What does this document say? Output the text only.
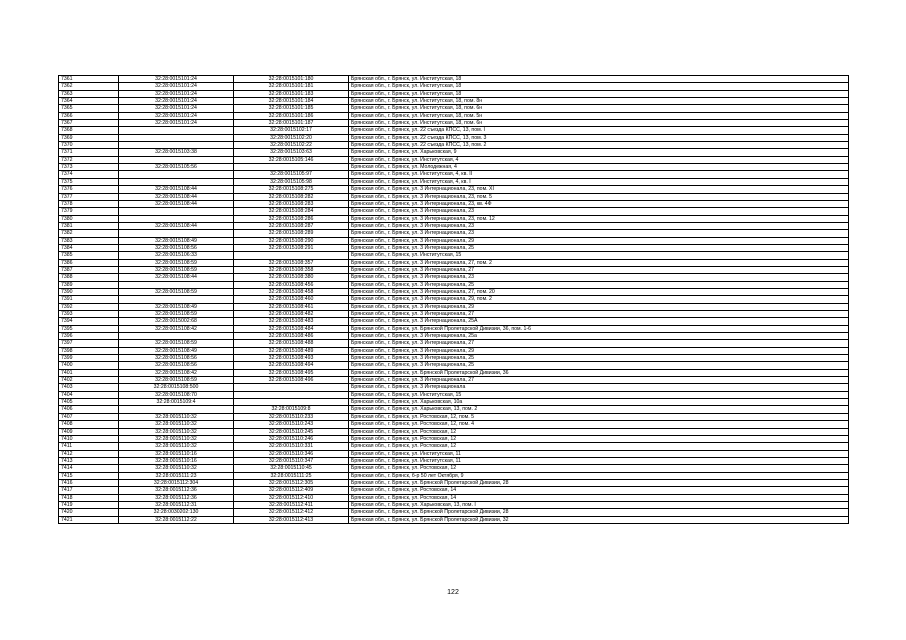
7361	32:28:0015101:24	32:28:0015101:180	Брянская обл., г. Брянск, ул. Институтская, 18
7362	32:28:0015101:24	32:28:0015101:181	Брянская обл., г. Брянск, ул. Институтская, 18
7363	32:28:0015101:24	32:28:0015101:183	Брянская обл., г. Брянск, ул. Институтская, 18
7364	32:28:0015101:24	32:28:0015101:184	Брянская обл., г. Брянск, ул. Институтская, 18, пом. 8н
7365	32:28:0015101:24	32:28:0015101:185	Брянская обл., г. Брянск, ул. Институтская, 18, пом. 6н
7366	32:28:0015101:24	32:28:0015101:186	Брянская обл., г. Брянск, ул. Институтская, 18, пом. 5н
7367	32:28:0015101:24	32:28:0015101:187	Брянская обл., г. Брянск, ул. Институтская, 18, пом. 6н
7368		32:28:0015102:17	Брянская обл., г. Брянск, ул. 22 съезда КПСС, 13, пом. I
7369		32:28:0015102:20	Брянская обл., г. Брянск, ул. 22 съезда КПСС, 13, пом. 3
7370		32:28:0015102:22	Брянская обл., г. Брянск, ул. 22 съезда КПСС, 13, пом. 2
7371	32:28:0015103:38	32:28:0015103:63	Брянская обл., г. Брянск, ул. Харьковская, 9
7372		32:28:0015105:146	Брянская обл., г. Брянск, ул. Институтская, 4
7373	32:28:0015105:56		Брянская обл., г. Брянск, ул. Молодежная, 4
7374		32:28:0015105:97	Брянская обл., г. Брянск, ул. Институтская, 4, кв. II
7375		32:28:0015105:98	Брянская обл., г. Брянск, ул. Институтская, 4, кв. I
7376	32:28:0015108:44	32:28:0015108:275	Брянская обл., г. Брянск, ул. 3 Интернационала, 23, пом. XI
7377	32:28:0015108:44	32:28:0015108:282	Брянская обл., г. Брянск, ул. 3 Интернационала, 23, пом. 5
7378	32:28:0015108:44	32:28:0015108:283	Брянская обл., г. Брянск, ул. 3 Интернационала, 23, кв. 4Ф
7379		32:28:0015108:284	Брянская обл., г. Брянск, ул. 3 Интернационала, 23
7380		32:28:0015108:286	Брянская обл., г. Брянск, ул. 3 Интернационала, 23, пом. 12
7381	32:28:0015108:44	32:28:0015108:287	Брянская обл., г. Брянск, ул. 3 Интернационала, 23
7382		32:28:0015108:289	Брянская обл., г. Брянск, ул. 3 Интернационала, 23
7383	32:28:0015108:49	32:28:0015108:290	Брянская обл., г. Брянск, ул. 3 Интернационала, 29
7384	32:28:0015108:56	32:28:0015108:291	Брянская обл., г. Брянск, ул. 3 Интернационала, 25
7385	32:28:0015106:33		Брянская обл., г. Брянск, ул. Институтская, 15
7386	32:28:0015108:59	32:28:0015108:357	Брянская обл., г. Брянск, ул. 3 Интернационала, 27, пом. 2
7387	32:28:0015108:59	32:28:0015108:358	Брянская обл., г. Брянск, ул. 3 Интернационала, 27
7388	32:28:0015108:44	32:28:0015108:380	Брянская обл., г. Брянск, ул. 3 Интернационала, 23
7389		32:28:0015108:456	Брянская обл., г. Брянск, ул. 3 Интернационала, 25
7390	32:28:0015108:59	32:28:0015108:458	Брянская обл., г. Брянск, ул. 3 Интернационала, 27, пом. 20
7391		32:28:0015108:460	Брянская обл., г. Брянск, ул. 3 Интернационала, 29, пом. 2
7392	32:28:0015108:49	32:28:0015108:461	Брянская обл., г. Брянск, ул. 3 Интернационала, 29
7393	32:28:0015108:59	32:28:0015108:482	Брянская обл., г. Брянск, ул. 3 Интернационала, 27
7394	32:28:0015002:68	32:28:0015108:483	Брянская обл., г. Брянск, ул. 3 Интернационала, 25А
7395	32:28:0015108:42	32:28:0015108:484	Брянская обл., г. Брянск, ул. Брянской Пролетарской Дивизии, 36, пом. 1-6
7396		32:28:0015108:486	Брянская обл., г. Брянск, ул. 3 Интернационала, 25а
7397	32:28:0015108:59	32:28:0015108:488	Брянская обл., г. Брянск, ул. 3 Интернационала, 27
7398	32:28:0015108:49	32:28:0015108:489	Брянская обл., г. Брянск, ул. 3 Интернационала, 29
7399	32:28:0015108:56	32:28:0015108:493	Брянская обл., г. Брянск, ул. 3 Интернационала, 25
7400	32:28:0015108:56	32:28:0015108:494	Брянская обл., г. Брянск, ул. 3 Интернационала, 25
7401	32:28:0015108:42	32:28:0015108:495	Брянская обл., г. Брянск, ул. Брянской Пролетарской Дивизии, 36
7402	32:28:0015108:59	32:28:0015108:496	Брянская обл., г. Брянск, ул. 3 Интернационала, 27
7403	32:28:0015108:500		Брянская обл., г. Брянск, ул. 3 Интернационала
7404	32:28:0015108:70		Брянская обл., г. Брянск, ул. Институтская, 15
7405	32:28:0015109:4		Брянская обл., г. Брянск, ул. Харьковская, 10а
7406		32:28:0015109:8	Брянская обл., г. Брянск, ул. Харьковская, 13, пом. 2
7407	32:28:0015110:32	32:28:0015110:233	Брянская обл., г. Брянск, ул. Ростовская, 12, пом. 5
7408	32:28:0015110:32	32:28:0015110:243	Брянская обл., г. Брянск, ул. Ростовская, 12, пом. 4
7409	32:28:0015110:32	32:28:0015110:245	Брянская обл., г. Брянск, ул. Ростовская, 12
7410	32:28:0015110:32	32:28:0015110:246	Брянская обл., г. Брянск, ул. Ростовская, 12
7411	32:28:0015110:32	32:28:0015110:331	Брянская обл., г. Брянск, ул. Ростовская, 12
7412	32:28:0015110:16	32:28:0015110:346	Брянская обл., г. Брянск, ул. Институтская, 11
7413	32:28:0015110:16	32:28:0015110:347	Брянская обл., г. Брянск, ул. Институтская, 11
7414	32:28:0015110:32	32:28:0015110:45	Брянская обл., г. Брянск, ул. Ростовская, 12
7415	32:28:0015111:23	32:28:0015111:25	Брянская обл., г. Брянск, б-р 50 лет Октября, 9
7416	32:28:0015112:304	32:28:0015112:305	Брянская обл., г. Брянск, ул. Брянской Пролетарской Дивизии, 28
7417	32:28:0015112:36	32:28:0015112:409	Брянская обл., г. Брянск, ул. Ростовская, 14
7418	32:28:0015112:36	32:28:0015112:410	Брянская обл., г. Брянск, ул. Ростовская, 14
7419	32:28:0015112:31	32:28:0015112:411	Брянская обл., г. Брянск, ул. Харьковская, 13, пом. I
7420	32:28:0030202:130	32:28:0015112:412	Брянская обл., г. Брянск, ул. Брянской Пролетарской Дивизии, 28
7421	32:28:0015112:22	32:28:0015112:413	Брянская обл., г. Брянск, ул. Брянской Пролетарской Дивизии, 32
122
